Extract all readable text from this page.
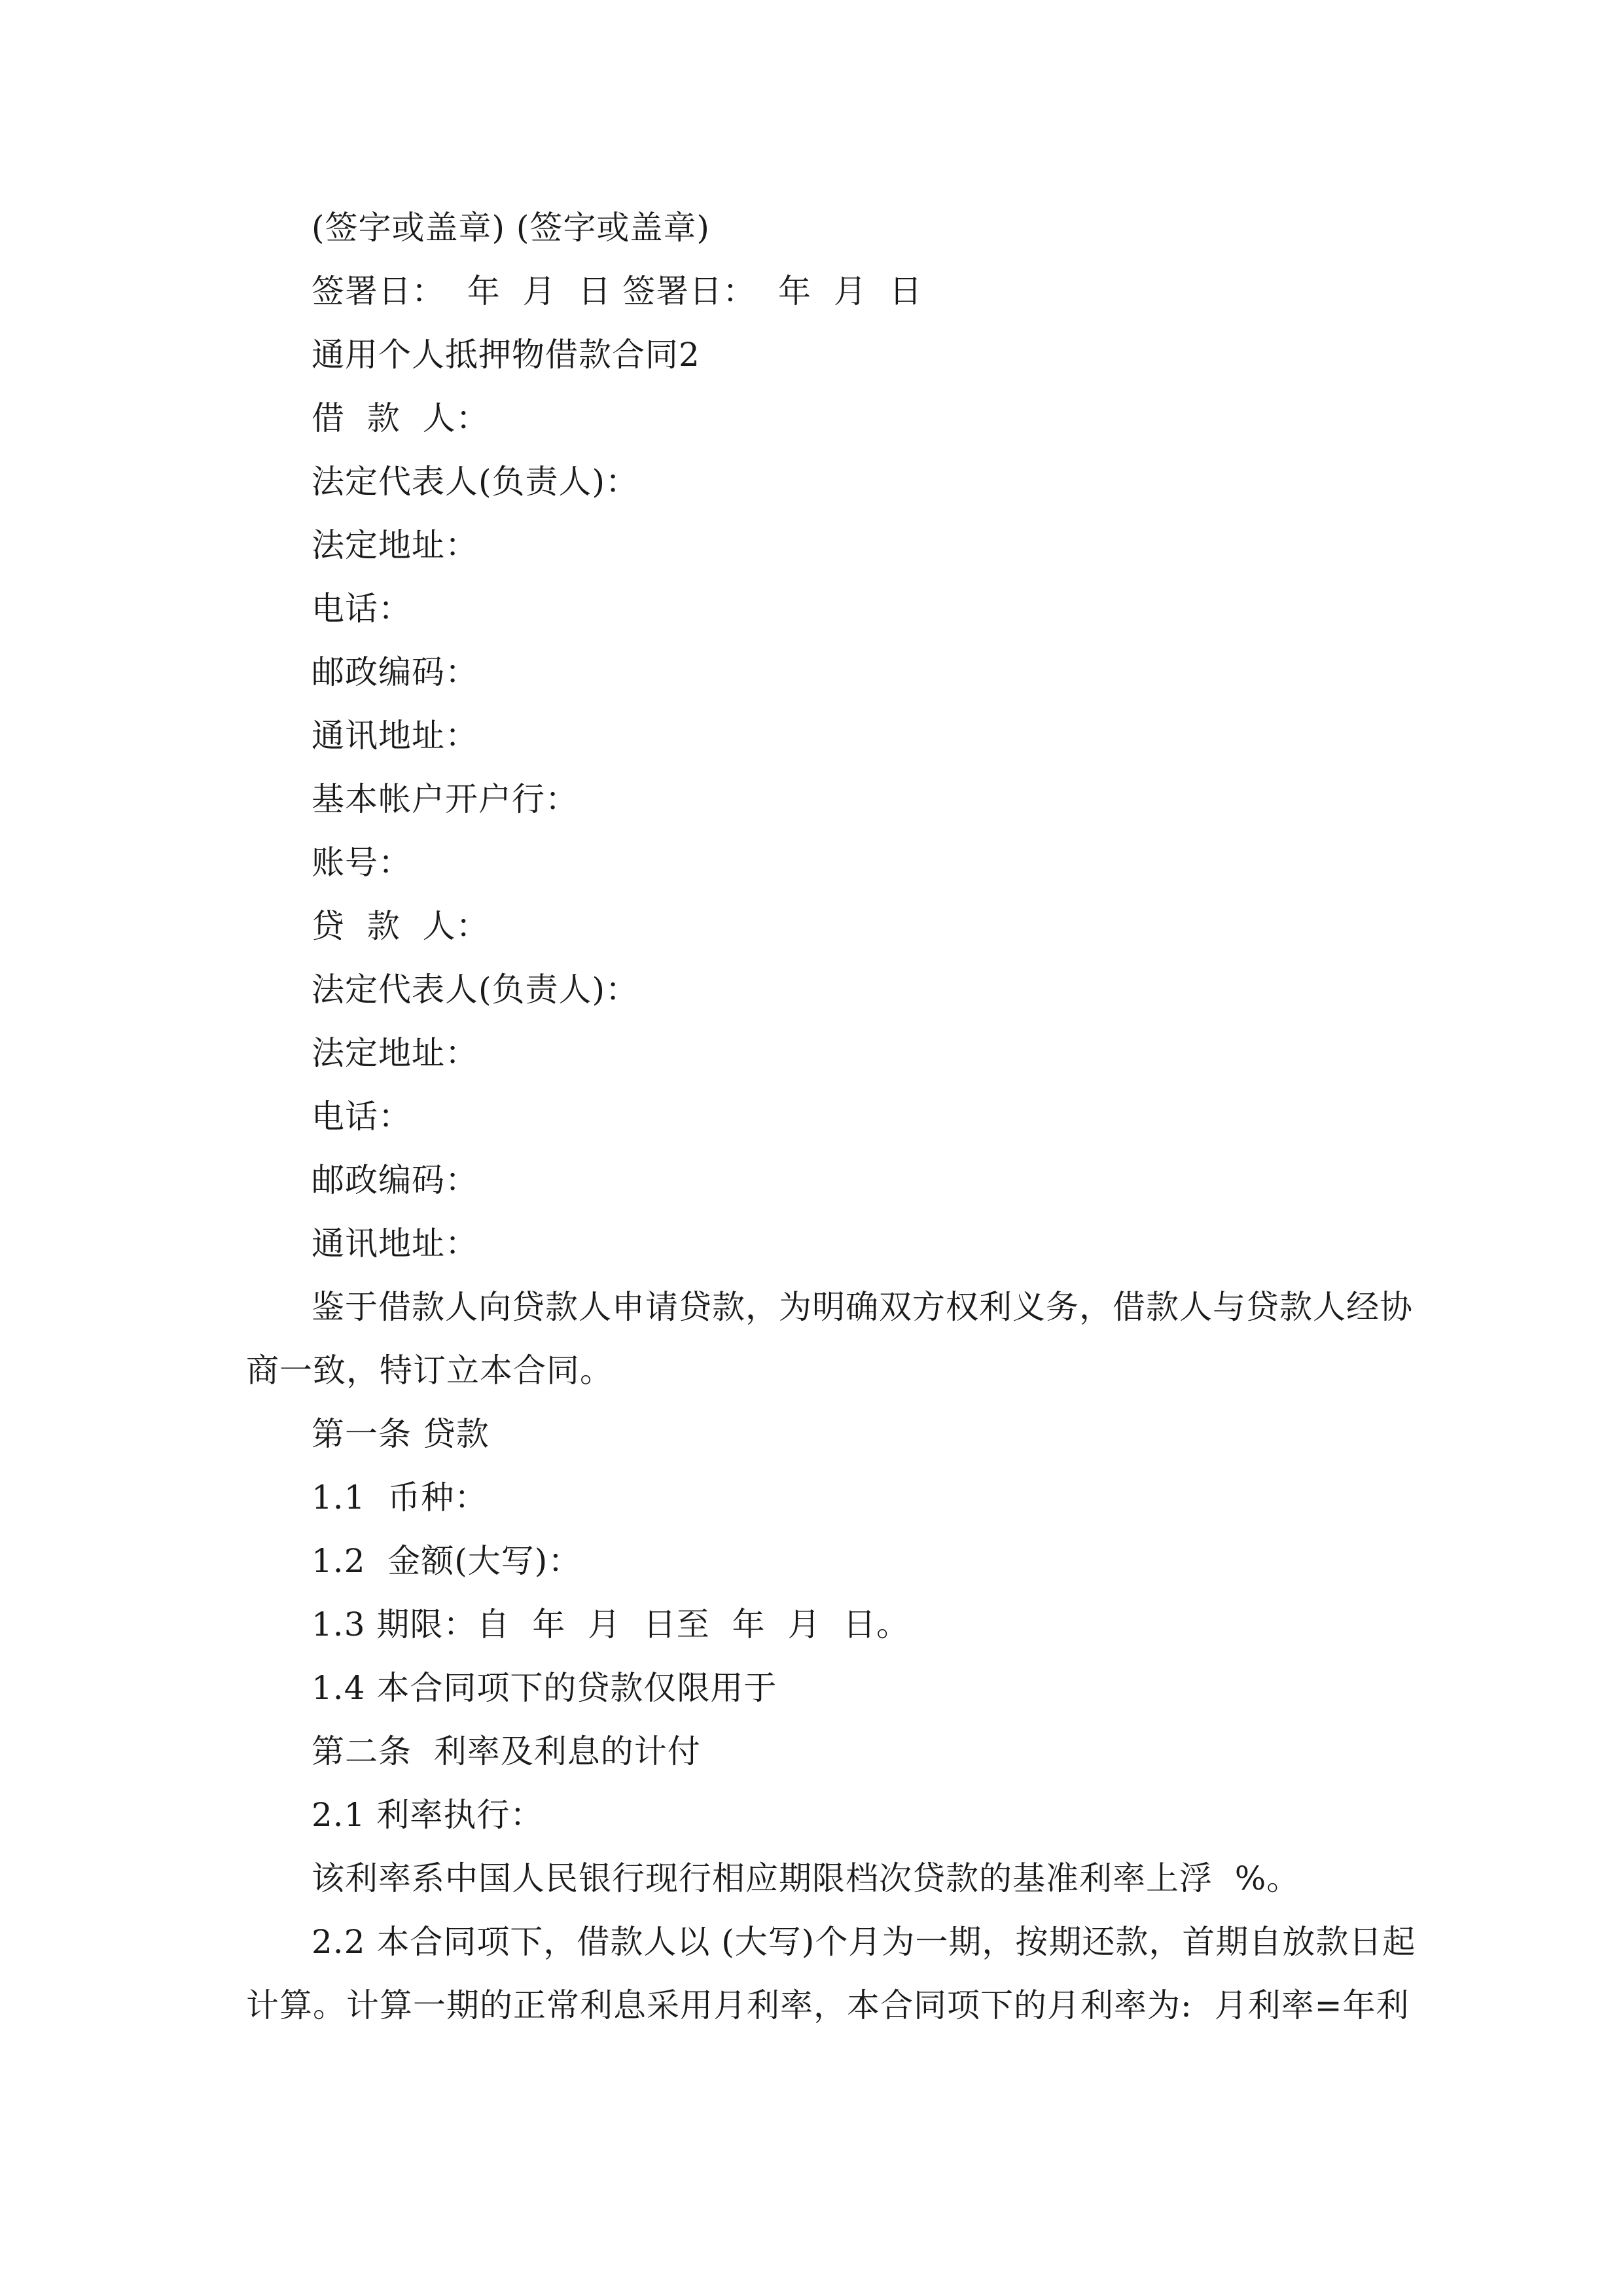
(签字或盖章) (签字或盖章)
签署日：  年  月  日 签署日：  年  月  日
通用个人抵押物借款合同2
借  款  人：
法定代表人(负责人)：
法定地址：
电话：
邮政编码：
通讯地址：
基本帐户开户行：
账号：
贷  款  人：
法定代表人(负责人)：
法定地址：
电话：
邮政编码：
通讯地址：
鉴于借款人向贷款人申请贷款，为明确双方权利义务，借款人与贷款人经协
商一致，特订立本合同。
第一条 贷款
1.1  币种：
1.2  金额(大写)：
1.3 期限：自  年  月  日至  年  月  日。
1.4 本合同项下的贷款仅限用于
第二条  利率及利息的计付
2.1 利率执行：
该利率系中国人民银行现行相应期限档次贷款的基准利率上浮  %。
2.2 本合同项下，借款人以 (大写)个月为一期，按期还款，首期自放款日起
计算。计算一期的正常利息采用月利率，本合同项下的月利率为:  月利率=年利
